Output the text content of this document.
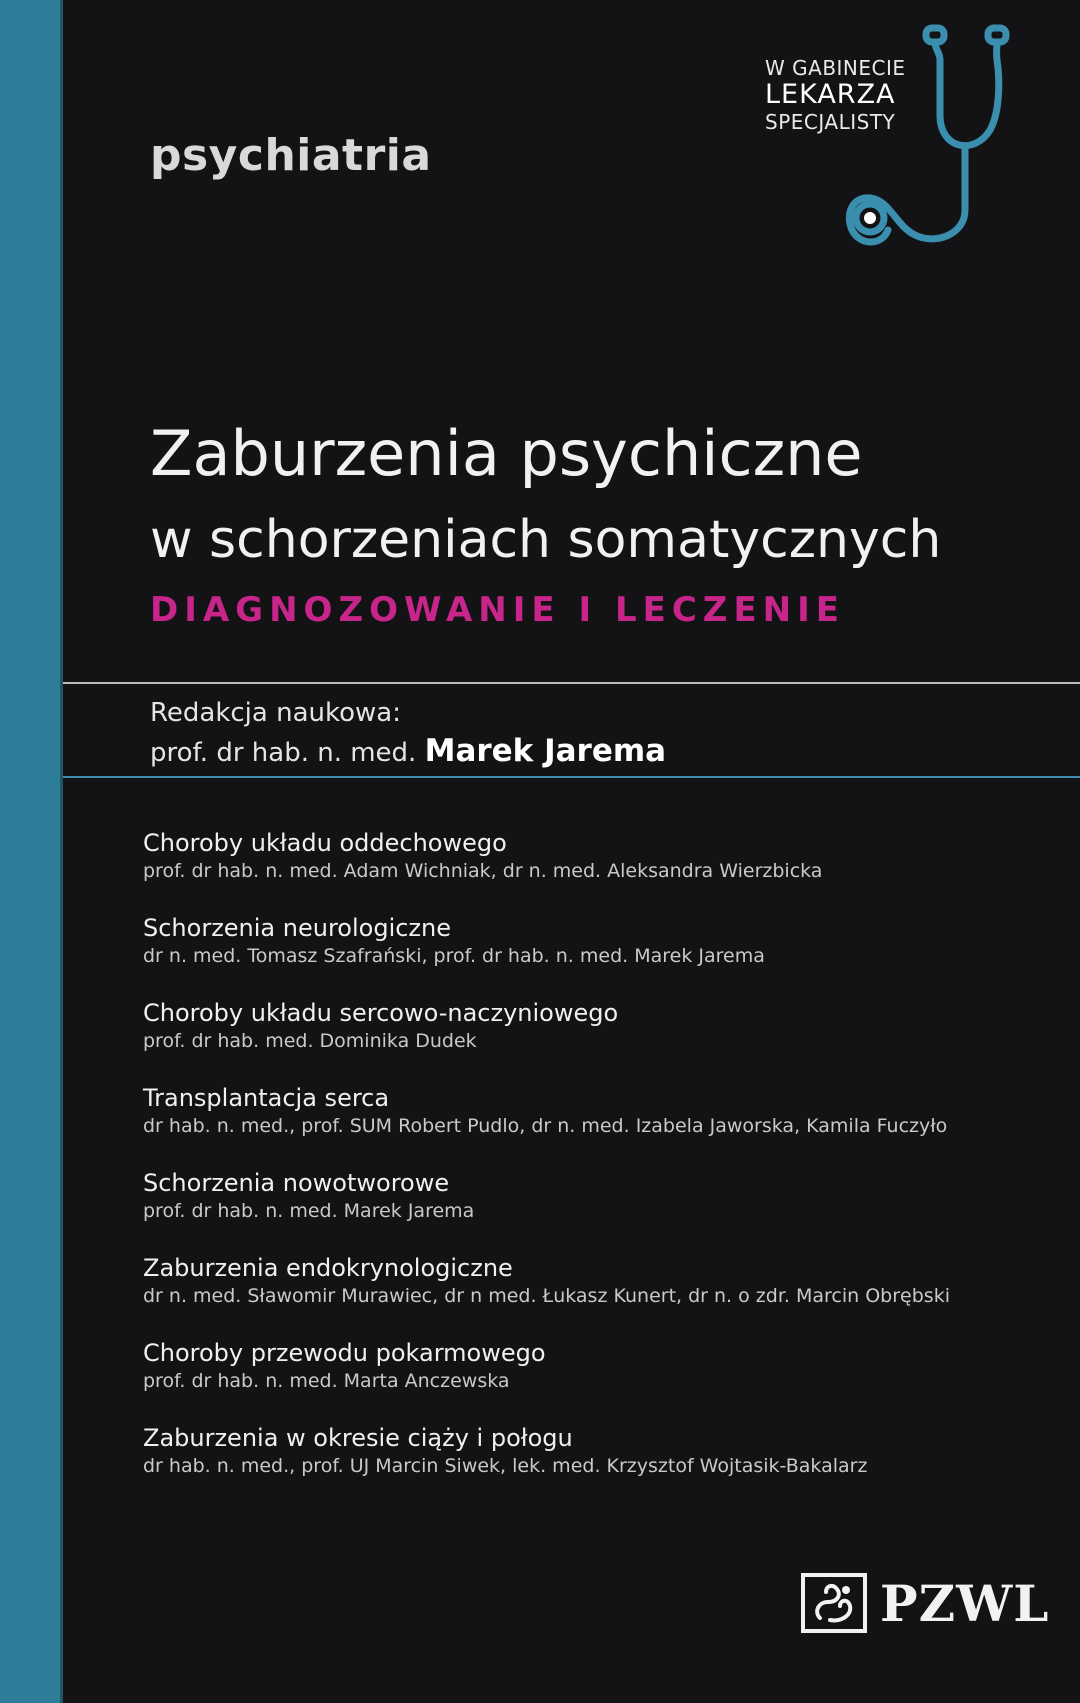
W GABINECIE
LEKARZA
SPECJALISTY
psychiatria
Zaburzenia psychiczne
w schorzeniach somatycznych
DIAGNOZOWANIE I LECZENIE
Redakcja naukowa:
prof. dr hab. n. med. Marek Jarema
Choroby układu oddechowego
prof. dr hab. n. med. Adam Wichniak, dr n. med. Aleksandra Wierzbicka
Schorzenia neurologiczne
dr n. med. Tomasz Szafrański, prof. dr hab. n. med. Marek Jarema
Choroby układu sercowo-naczyniowego
prof. dr hab. med. Dominika Dudek
Transplantacja serca
dr hab. n. med., prof. SUM Robert Pudlo, dr n. med. Izabela Jaworska, Kamila Fuczyło
Schorzenia nowotworowe
prof. dr hab. n. med. Marek Jarema
Zaburzenia endokrynologiczne
dr n. med. Sławomir Murawiec, dr n med. Łukasz Kunert, dr n. o zdr. Marcin Obrębski
Choroby przewodu pokarmowego
prof. dr hab. n. med. Marta Anczewska
Zaburzenia w okresie ciąży i połogu
dr hab. n. med., prof. UJ Marcin Siwek, lek. med. Krzysztof Wojtasik-Bakalarz
PZWL
